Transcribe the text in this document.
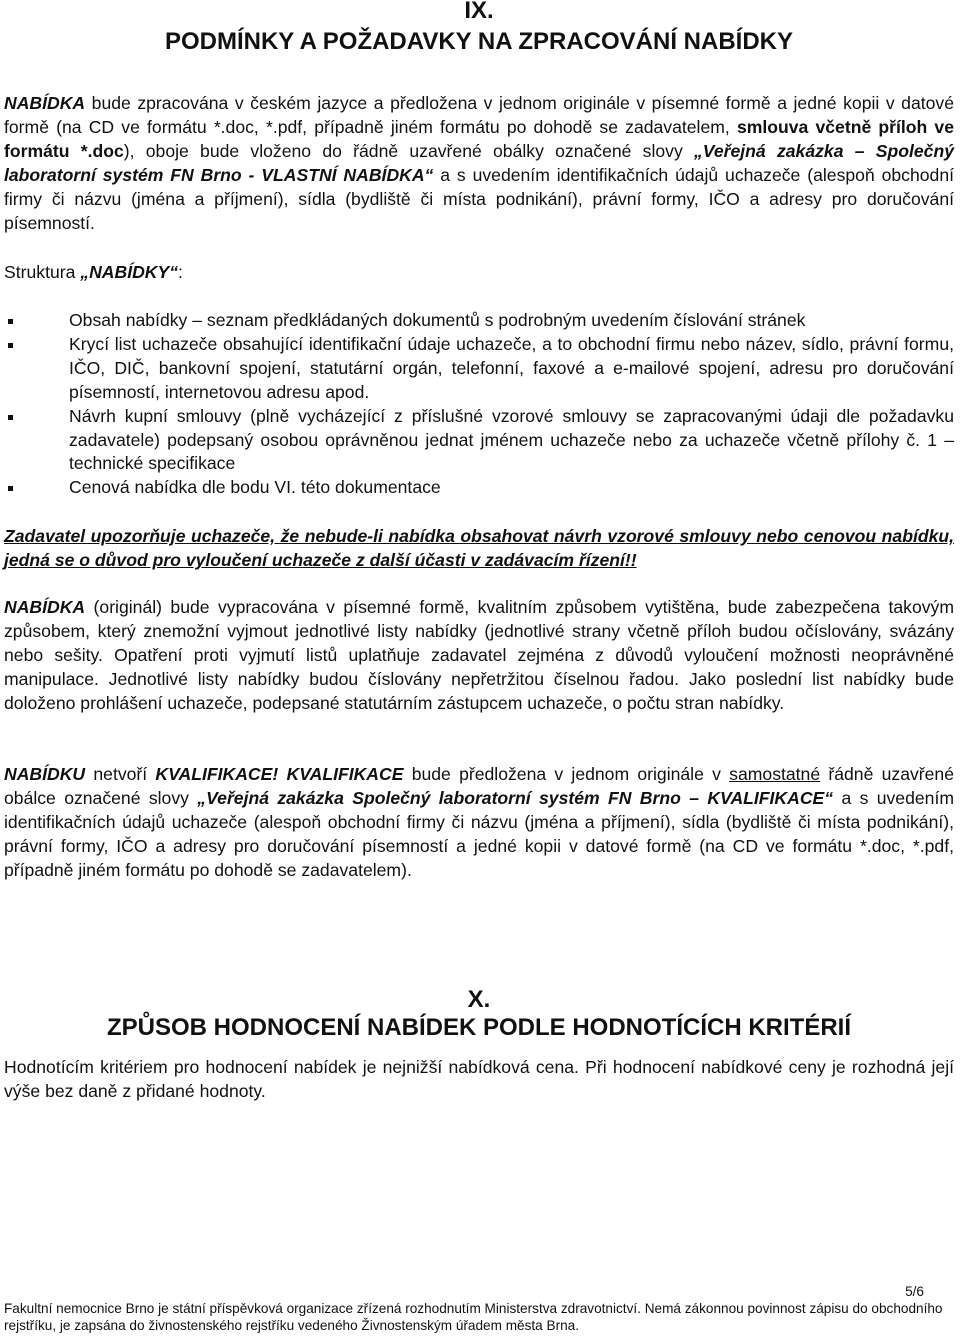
IX.
PODMÍNKY A POŽADAVKY NA ZPRACOVÁNÍ NABÍDKY

NABÍDKA bude zpracována v českém jazyce a předložena v jednom originále v písemné formě a jedné kopii v datové formě (na CD ve formátu *.doc, *.pdf, případně jiném formátu po dohodě se zadavatelem, smlouva včetně příloh ve formátu *.doc), oboje bude vloženo do řádně uzavřené obálky označené slovy „Veřejná zakázka – Společný laboratorní systém FN Brno - VLASTNÍ NABÍDKA“ a s uvedením identifikačních údajů uchazeče (alespoň obchodní firmy či názvu (jména a příjmení), sídla (bydliště či místa podnikání), právní formy, IČO a adresy pro doručování písemností.

Struktura „NABÍDKY“:

Obsah nabídky – seznam předkládaných dokumentů s podrobným uvedením číslování stránek
Krycí list uchazeče obsahující identifikační údaje uchazeče, a to obchodní firmu nebo název, sídlo, právní formu, IČO, DIČ, bankovní spojení, statutární orgán, telefonní, faxové a e-mailové spojení, adresu pro doručování písemností, internetovou adresu apod.
Návrh kupní smlouvy (plně vycházející z příslušné vzorové smlouvy se zapracovanými údaji dle požadavku zadavatele) podepsaný osobou oprávněnou jednat jménem uchazeče nebo za uchazeče včetně přílohy č. 1 – technické specifikace
Cenová nabídka dle bodu VI. této dokumentace

Zadavatel upozorňuje uchazeče, že nebude-li nabídka obsahovat návrh vzorové smlouvy nebo cenovou nabídku, jedná se o důvod pro vyloučení uchazeče z další účasti v zadávacím řízení!!

NABÍDKA (originál) bude vypracována v písemné formě, kvalitním způsobem vytištěna, bude zabezpečena takovým způsobem, který znemožní vyjmout jednotlivé listy nabídky (jednotlivé strany včetně příloh budou očíslovány, svázány nebo sešity. Opatření proti vyjmutí listů uplatňuje zadavatel zejména z důvodů vyloučení možnosti neoprávněné manipulace. Jednotlivé listy nabídky budou číslovány nepřetržitou číselnou řadou. Jako poslední list nabídky bude doloženo prohlášení uchazeče, podepsané statutárním zástupcem uchazeče, o počtu stran nabídky.

NABÍDKU netvoří KVALIFIKACE! KVALIFIKACE bude předložena v jednom originále v samostatné řádně uzavřené obálce označené slovy „Veřejná zakázka Společný laboratorní systém FN Brno – KVALIFIKACE“ a s uvedením identifikačních údajů uchazeče (alespoň obchodní firmy či názvu (jména a příjmení), sídla (bydliště či místa podnikání), právní formy, IČO a adresy pro doručování písemností a jedné kopii v datové formě (na CD ve formátu *.doc, *.pdf, případně jiném formátu po dohodě se zadavatelem).

X.
ZPŮSOB HODNOCENÍ NABÍDEK PODLE HODNOTÍCÍCH KRITÉRIÍ

Hodnotícím kritériem pro hodnocení nabídek je nejnižší nabídková cena. Při hodnocení nabídkové ceny je rozhodná její výše bez daně z přidané hodnoty.

5/6
Fakultní nemocnice Brno je státní příspěvková organizace zřízená rozhodnutím Ministerstva zdravotnictví. Nemá zákonnou povinnost zápisu do obchodního rejstříku, je zapsána do živnostenského rejstříku vedeného Živnostenským úřadem města Brna.
